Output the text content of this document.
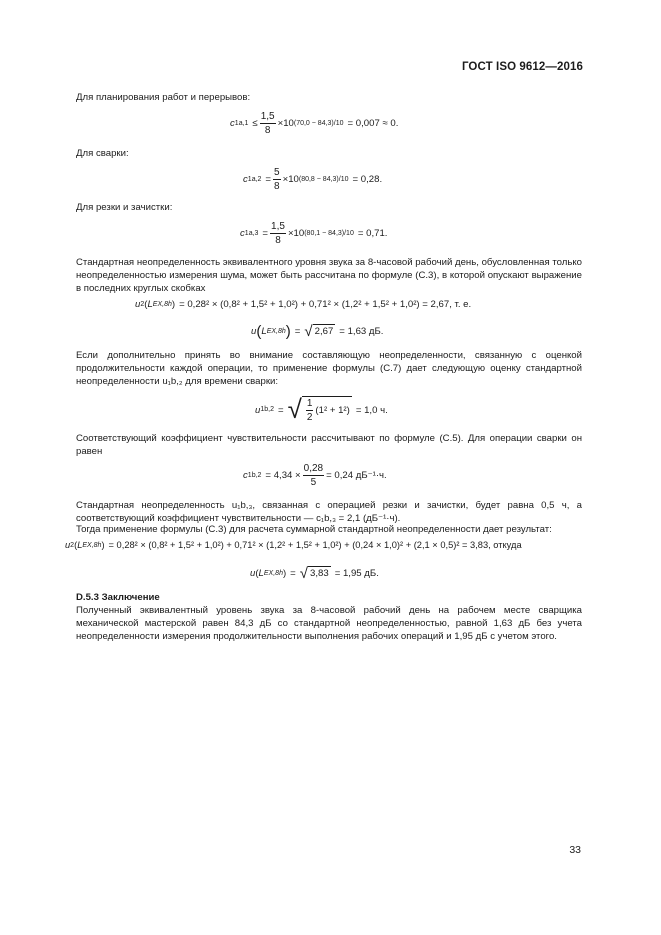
ГОСТ ISO 9612—2016

Для планирования работ и перерывов:

c $1a,1 \le \frac{1,5}{8} \times 10$ (70,0 − 84,3) /10 = 0,007 ≈ 0.

Для сварки:

c $1a,2 = \frac{5}{8} \times 10$ (80,8 − 84,3) /10 = 0,28.

Для резки и зачистки:

c $1a,3 = \frac{1,5}{8} \times 10$ (80,1 − 84,3) /10 = 0,71.

Стандартная неопределенность эквивалентного уровня звука за 8-часовой рабочий день, обусловленная только неопределенностью измерения шума, может быть рассчитана по формуле (С.3), в которой опускают выражение в последних круглых скобках

u 2 ( L EX,8h ) = 0,28² × (0,8² + 1,5² + 1,0²) + 0,71² × (1,2² + 1,5² + 1,0²) = 2,67, т. е.
u ( L EX,8h ) = √ 2,67 = 1,63 дБ.

Если дополнительно принять во внимание составляющую неопределенности, связанную с оценкой продолжительности каждой операции, то применение формулы (С.7) дает следующую оценку стандартной неопределенности u₁b,₂ для времени сварки:

u 1b,2 = √ $\frac{1}{2} (1^2 + 1^2) = 1,0$ ч.

Соответствующий коэффициент чувствительности рассчитывают по формуле (С.5). Для операции сварки он равен

c $1b,2 = 4,34 \times \frac{0,28}{5} = 0,24$ дБ⁻¹·ч.

Стандартная неопределенность u₁b,₃, связанная с операцией резки и зачистки, будет равна 0,5 ч, а соответствующий коэффициент чувствительности — c₁b,₃ = 2,1 (дБ⁻¹·ч).

Тогда применение формулы (С.3) для расчета суммарной стандартной неопределенности дает результат:

u 2 ( L EX,8h ) = 0,28² × (0,8² + 1,5² + 1,0²) + 0,71² × (1,2² + 1,5² + 1,0²) + (0,24 × 1,0)² + (2,1 × 0,5)² = 3,83, откуда
u ( L EX,8h ) = √ 3,83 = 1,95 дБ.

D.5.3 Заключение

Полученный эквивалентный уровень звука за 8-часовой рабочий день на рабочем месте сварщика механической мастерской равен 84,3 дБ со стандартной неопределенностью, равной 1,63 дБ без учета неопределенности измерения продолжительности выполнения рабочих операций и 1,95 дБ с учетом этого.

33
